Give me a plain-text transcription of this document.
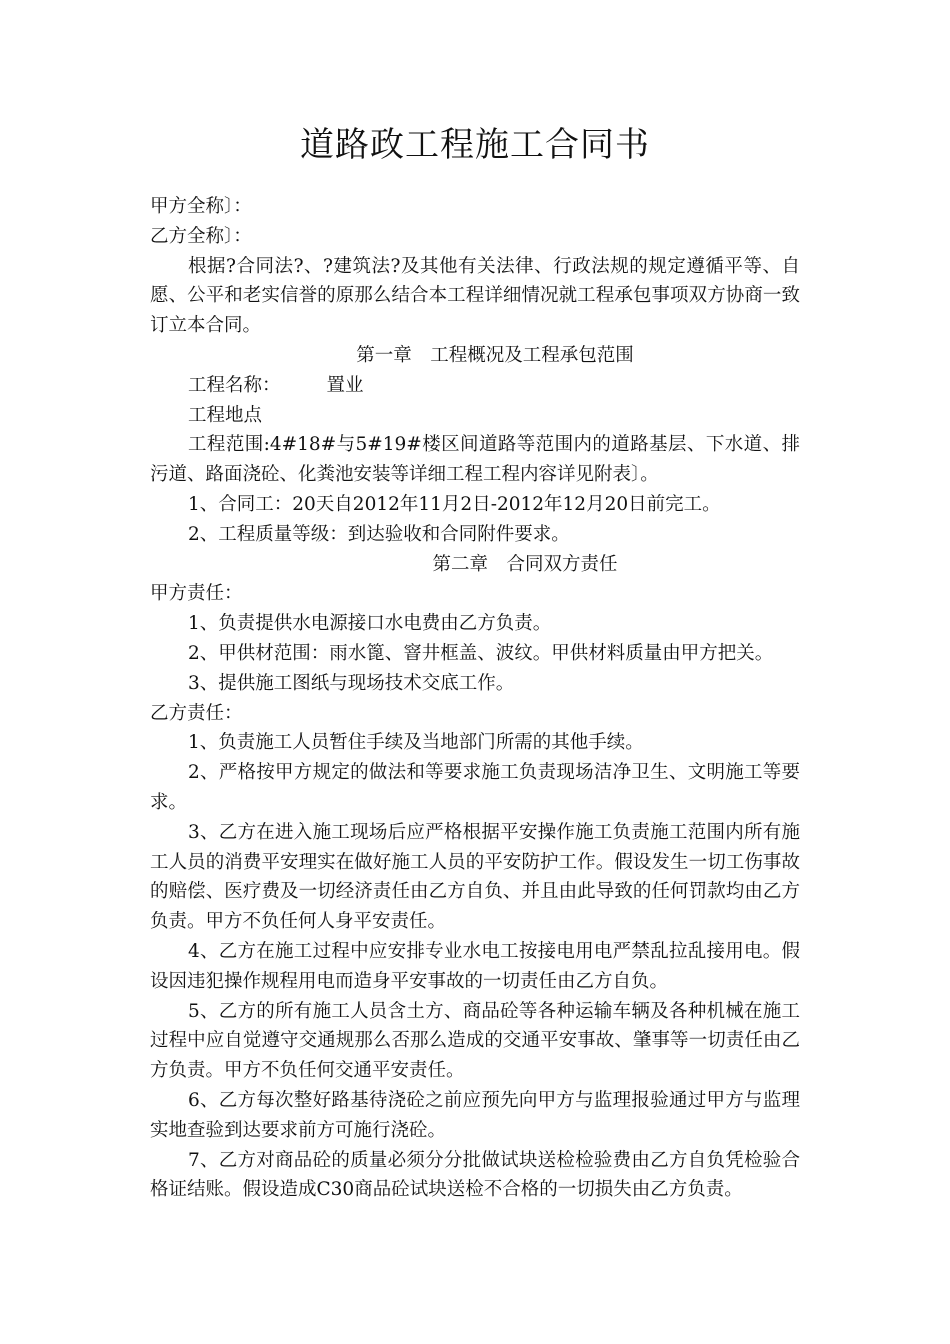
道路政工程施工合同书

甲方全称〕：

乙方全称〕：

根据?合同法?、?建筑法?及其他有关法律、行政法规的规定遵循平等、自愿、公平和老实信誉的原那么结合本工程详细情况就工程承包事项双方协商一致订立本合同。

第一章　工程概况及工程承包范围

工程名称： 置业

工程地点

工程范围:4#18#与5#19#楼区间道路等范围内的道路基层、下水道、排污道、路面浇砼、化粪池安装等详细工程工程内容详见附表〕。

1、合同工：20天自2012年11月2日-2012年12月20日前完工。

2、工程质量等级：到达验收和合同附件要求。

第二章　合同双方责任

甲方责任：

1、负责提供水电源接口水电费由乙方负责。

2、甲供材范围：雨水篦、窨井框盖、波纹。甲供材料质量由甲方把关。

3、提供施工图纸与现场技术交底工作。

乙方责任：

1、负责施工人员暂住手续及当地部门所需的其他手续。

2、严格按甲方规定的做法和等要求施工负责现场洁净卫生、文明施工等要求。

3、乙方在进入施工现场后应严格根据平安操作施工负责施工范围内所有施工人员的消费平安理实在做好施工人员的平安防护工作。假设发生一切工伤事故的赔偿、医疗费及一切经济责任由乙方自负、并且由此导致的任何罚款均由乙方负责。甲方不负任何人身平安责任。

4、乙方在施工过程中应安排专业水电工按接电用电严禁乱拉乱接用电。假设因违犯操作规程用电而造身平安事故的一切责任由乙方自负。

5、乙方的所有施工人员含土方、商品砼等各种运输车辆及各种机械在施工过程中应自觉遵守交通规那么否那么造成的交通平安事故、肇事等一切责任由乙方负责。甲方不负任何交通平安责任。

6、乙方每次整好路基待浇砼之前应预先向甲方与监理报验通过甲方与监理实地查验到达要求前方可施行浇砼。

7、乙方对商品砼的质量必须分分批做试块送检检验费由乙方自负凭检验合格证结账。假设造成C30商品砼试块送检不合格的一切损失由乙方负责。
